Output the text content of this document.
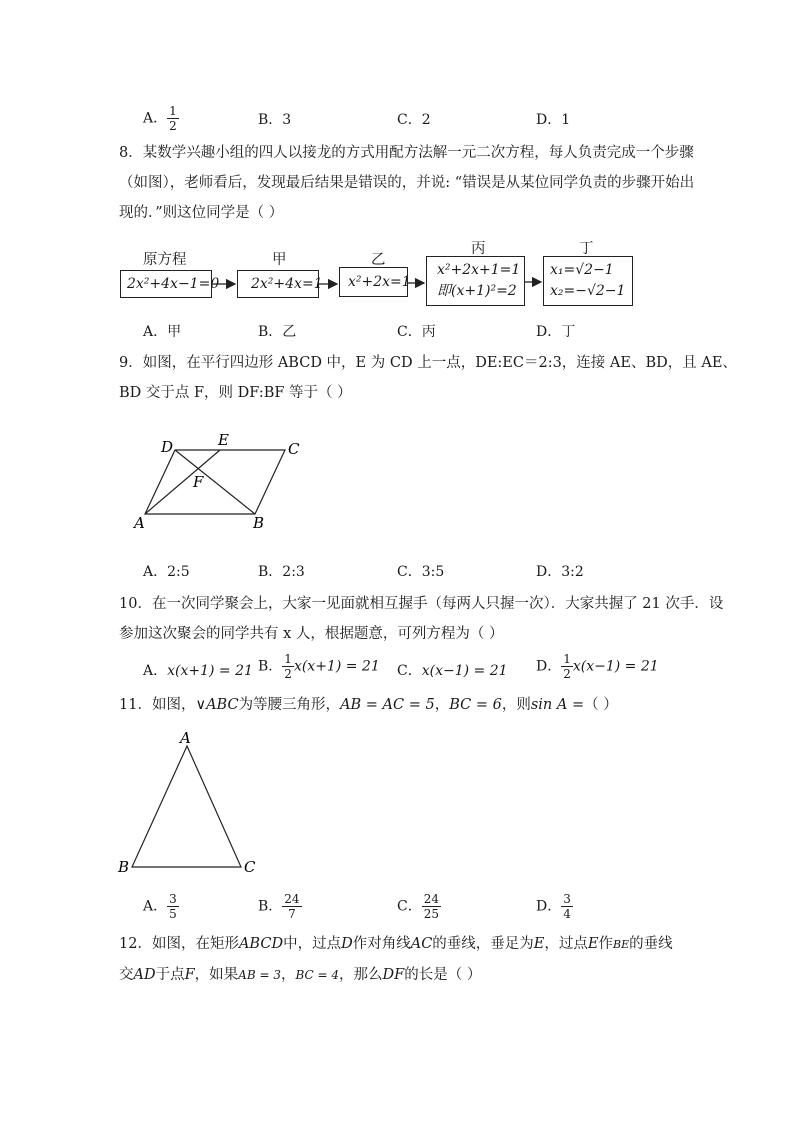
A． $\frac{1}{2}$	B．3	C．2	D．1
8．某数学兴趣小组的四人以接龙的方式用配方法解一元二次方程，每人负责完成一个步骤
（如图），老师看后，发现最后结果是错误的，并说: “错误是从某位同学负责的步骤开始出
现的．”则这位同学是（ ）
原方程	甲	乙
丙	丁
2x²+4x−1=0	2x²+4x=1	x²+2x=1
x²+2x+1=1
即(x+1)²=2
x₁=√2−1
x₂=−√2−1
A．甲	B．乙	C．丙	D．丁
9．如图，在平行四边形 ABCD 中，E 为 CD 上一点，DE:EC＝2:3，连接 AE、BD，且 AE、
BD 交于点 F，则 DF:BF 等于（ ）
D	E	C
F
A	B
A．2:5	B．2:3	C．3:5	D．3:2
10．在一次同学聚会上，大家一见面就相互握手（每两人只握一次）．大家共握了 21 次手．设
参加这次聚会的同学共有 x 人，根据题意，可列方程为（ ）
A．x(x+1) = 21 B． $\frac{1}{2} x(x+1) = 21$ C．x(x−1) = 21 D． $\frac{1}{2} x(x-1) = 21$
11．如图，∨ABC为等腰三角形，AB = AC = 5，BC = 6，则sin A =（ ）
A
B	C
A． $\frac{3}{5}$	B． $\frac{24}{7}$	C． $\frac{24}{25}$	D． $\frac{3}{4}$
12．如图，在矩形ABCD中，过点D作对角线AC的垂线，垂足为E，过点E作BE的垂线
交AD于点F，如果AB = 3，BC = 4，那么DF的长是（ ）
